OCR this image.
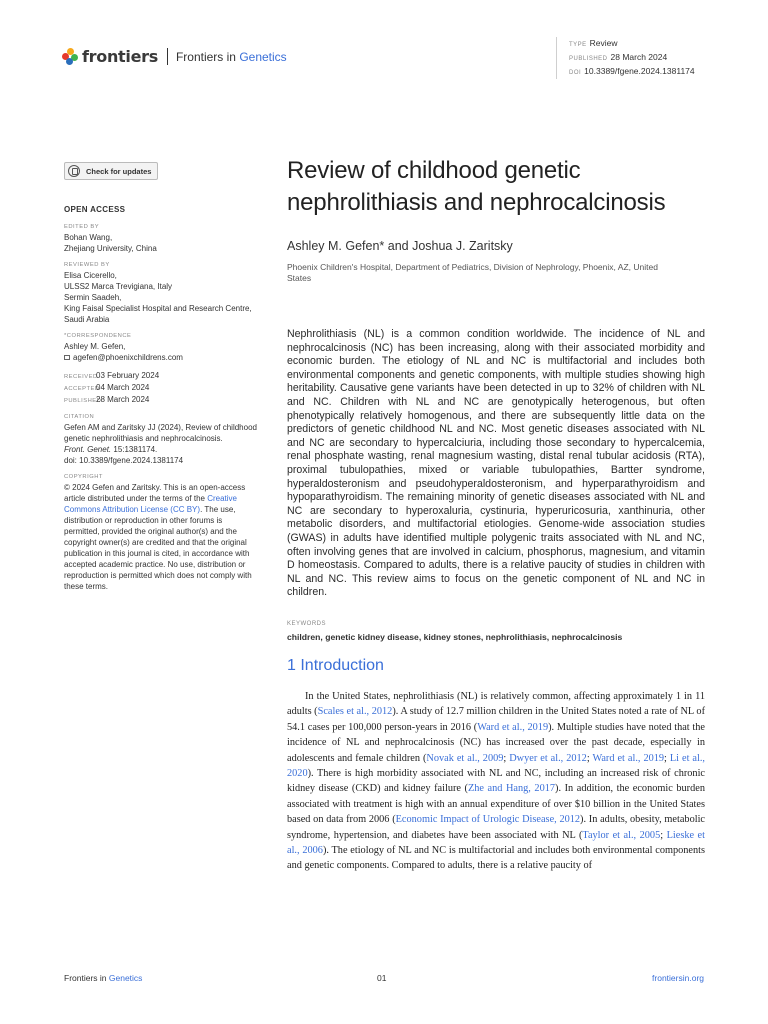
frontiers Frontiers in Genetics
TYPE Review
PUBLISHED 28 March 2024
DOI 10.3389/fgene.2024.1381174
Check for updates
OPEN ACCESS
EDITED BY
Bohan Wang,
Zhejiang University, China
REVIEWED BY
Elisa Cicerello,
ULSS2 Marca Trevigiana, Italy
Sermin Saadeh,
King Faisal Specialist Hospital and Research Centre, Saudi Arabia
*CORRESPONDENCE
Ashley M. Gefen,
agefen@phoenixchildrens.com
RECEIVED03 February 2024
ACCEPTED04 March 2024
PUBLISHED28 March 2024
CITATION
Gefen AM and Zaritsky JJ (2024), Review of childhood genetic nephrolithiasis and nephrocalcinosis.
Front. Genet. 15:1381174.
doi: 10.3389/fgene.2024.1381174
COPYRIGHT
© 2024 Gefen and Zaritsky. This is an open-access article distributed under the terms of the Creative Commons Attribution License (CC BY). The use, distribution or reproduction in other forums is permitted, provided the original author(s) and the copyright owner(s) are credited and that the original publication in this journal is cited, in accordance with accepted academic practice. No use, distribution or reproduction is permitted which does not comply with these terms.
Review of childhood genetic nephrolithiasis and nephrocalcinosis
Ashley M. Gefen* and Joshua J. Zaritsky
Phoenix Children's Hospital, Department of Pediatrics, Division of Nephrology, Phoenix, AZ, United States
Nephrolithiasis (NL) is a common condition worldwide. The incidence of NL and nephrocalcinosis (NC) has been increasing, along with their associated morbidity and economic burden. The etiology of NL and NC is multifactorial and includes both environmental components and genetic components, with multiple studies showing high heritability. Causative gene variants have been detected in up to 32% of children with NL and NC. Children with NL and NC are genotypically heterogenous, but often phenotypically relatively homogenous, and there are subsequently little data on the predictors of genetic childhood NL and NC. Most genetic diseases associated with NL and NC are secondary to hypercalciuria, including those secondary to hypercalcemia, renal phosphate wasting, renal magnesium wasting, distal renal tubular acidosis (RTA), proximal tubulopathies, mixed or variable tubulopathies, Bartter syndrome, hyperaldosteronism and pseudohyperaldosteronism, and hyperparathyroidism and hypoparathyroidism. The remaining minority of genetic diseases associated with NL and NC are secondary to hyperoxaluria, cystinuria, hyperuricosuria, xanthinuria, other metabolic disorders, and multifactorial etiologies. Genome-wide association studies (GWAS) in adults have identified multiple polygenic traits associated with NL and NC, often involving genes that are involved in calcium, phosphorus, magnesium, and vitamin D homeostasis. Compared to adults, there is a relative paucity of studies in children with NL and NC. This review aims to focus on the genetic component of NL and NC in children.
KEYWORDS
children, genetic kidney disease, kidney stones, nephrolithiasis, nephrocalcinosis
1 Introduction
In the United States, nephrolithiasis (NL) is relatively common, affecting approximately 1 in 11 adults (Scales et al., 2012). A study of 12.7 million children in the United States noted a rate of NL of 54.1 cases per 100,000 person-years in 2016 (Ward et al., 2019). Multiple studies have noted that the incidence of NL and nephrocalcinosis (NC) has increased over the past decade, especially in adolescents and female children (Novak et al., 2009; Dwyer et al., 2012; Ward et al., 2019; Li et al., 2020). There is high morbidity associated with NL and NC, including an increased risk of chronic kidney disease (CKD) and kidney failure (Zhe and Hang, 2017). In addition, the economic burden associated with treatment is high with an annual expenditure of over $10 billion in the United States based on data from 2006 (Economic Impact of Urologic Disease, 2012). In adults, obesity, metabolic syndrome, hypertension, and diabetes have been associated with NL (Taylor et al., 2005; Lieske et al., 2006). The etiology of NL and NC is multifactorial and includes both environmental components and genetic components. Compared to adults, there is a relative paucity of
Frontiers in Genetics	01	frontiersin.org
